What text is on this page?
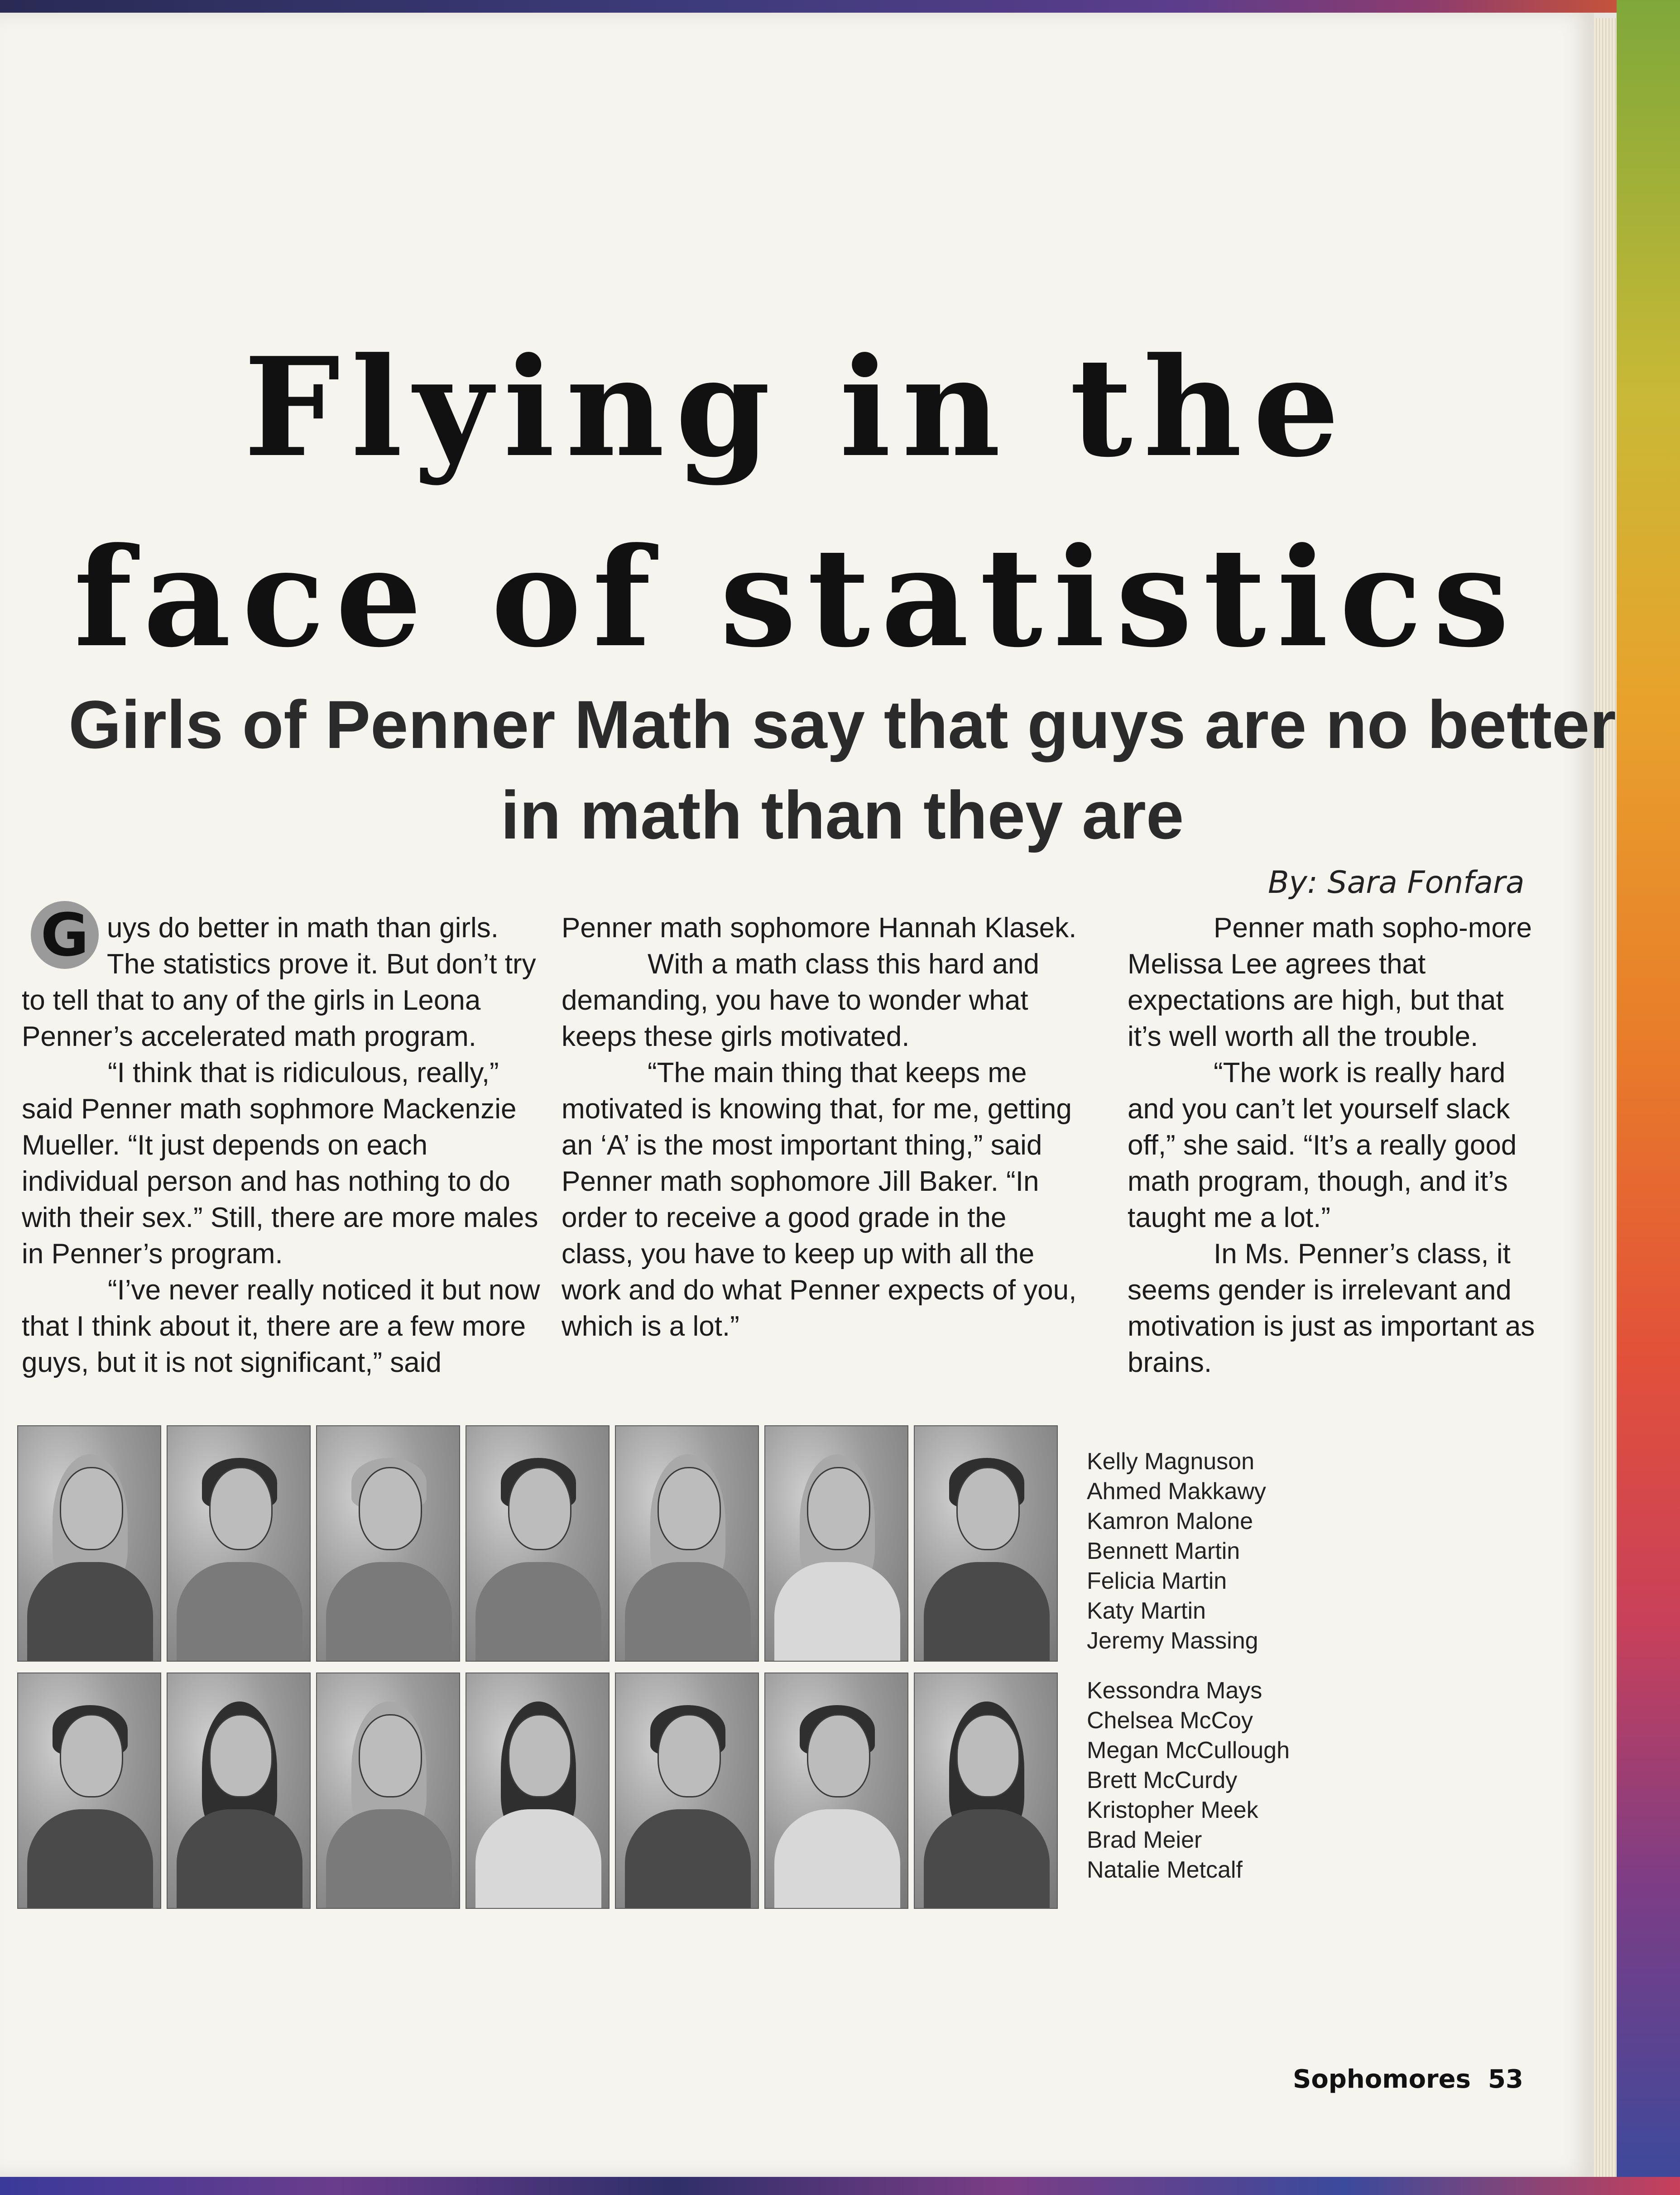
Flying in the
face of statistics
Girls of Penner Math say that guys are no better in math than they are
By: Sara Fonfara

G uys do better in math than girls. The statistics prove it. But don’t try to tell that to any of the girls in Leona Penner’s accelerated math program.

“I think that is ridiculous, really,” said Penner math sophmore Mackenzie Mueller. “It just depends on each individual person and has nothing to do with their sex.” Still, there are more males in Penner’s program.

“I’ve never really noticed it but now that I think about it, there are a few more guys, but it is not significant,” said

Penner math sophomore Hannah Klasek.

With a math class this hard and demanding, you have to wonder what keeps these girls motivated.

“The main thing that keeps me motivated is knowing that, for me, getting an ‘A’ is the most important thing,” said Penner math sophomore Jill Baker. “In order to receive a good grade in the class, you have to keep up with all the work and do what Penner expects of you, which is a lot.”

Penner math sopho-more Melissa Lee agrees that expectations are high, but that it’s well worth all the trouble.

“The work is really hard and you can’t let yourself slack off,” she said. “It’s a really good math program, though, and it’s taught me a lot.”

In Ms. Penner’s class, it seems gender is irrelevant and motivation is just as important as brains.

Kelly Magnuson
Ahmed Makkawy
Kamron Malone
Bennett Martin
Felicia Martin
Katy Martin
Jeremy Massing
Kessondra Mays
Chelsea McCoy
Megan McCullough
Brett McCurdy
Kristopher Meek
Brad Meier
Natalie Metcalf
Sophomores 53
